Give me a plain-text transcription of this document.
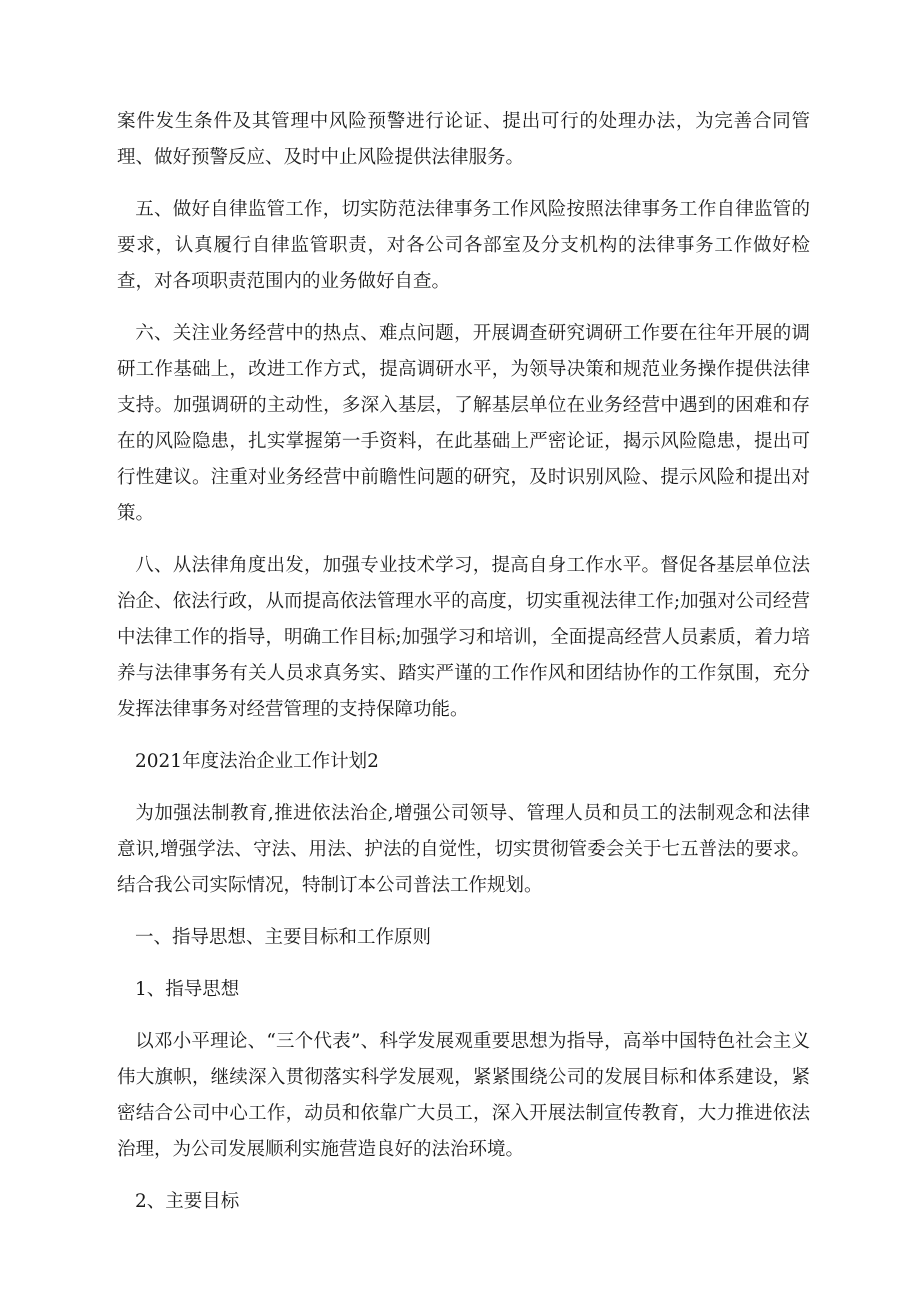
案件发生条件及其管理中风险预警进行论证、提出可行的处理办法，为完善合同管理、做好预警反应、及时中止风险提供法律服务。

五、做好自律监管工作，切实防范法律事务工作风险按照法律事务工作自律监管的要求，认真履行自律监管职责，对各公司各部室及分支机构的法律事务工作做好检查，对各项职责范围内的业务做好自查。

六、关注业务经营中的热点、难点问题，开展调查研究调研工作要在往年开展的调研工作基础上，改进工作方式，提高调研水平，为领导决策和规范业务操作提供法律支持。加强调研的主动性，多深入基层，了解基层单位在业务经营中遇到的困难和存在的风险隐患，扎实掌握第一手资料，在此基础上严密论证，揭示风险隐患，提出可行性建议。注重对业务经营中前瞻性问题的研究，及时识别风险、提示风险和提出对策。

八、从法律角度出发，加强专业技术学习，提高自身工作水平。督促各基层单位法治企、依法行政，从而提高依法管理水平的高度，切实重视法律工作;加强对公司经营中法律工作的指导，明确工作目标;加强学习和培训，全面提高经营人员素质，着力培养与法律事务有关人员求真务实、踏实严谨的工作作风和团结协作的工作氛围，充分发挥法律事务对经营管理的支持保障功能。

2021年度法治企业工作计划2

为加强法制教育,推进依法治企,增强公司领导、管理人员和员工的法制观念和法律意识,增强学法、守法、用法、护法的自觉性，切实贯彻管委会关于七五普法的要求。结合我公司实际情况，特制订本公司普法工作规划。

一、指导思想、主要目标和工作原则

1、指导思想

以邓小平理论、“三个代表”、科学发展观重要思想为指导，高举中国特色社会主义伟大旗帜，继续深入贯彻落实科学发展观，紧紧围绕公司的发展目标和体系建设，紧密结合公司中心工作，动员和依靠广大员工，深入开展法制宣传教育，大力推进依法治理，为公司发展顺利实施营造良好的法治环境。

2、主要目标
